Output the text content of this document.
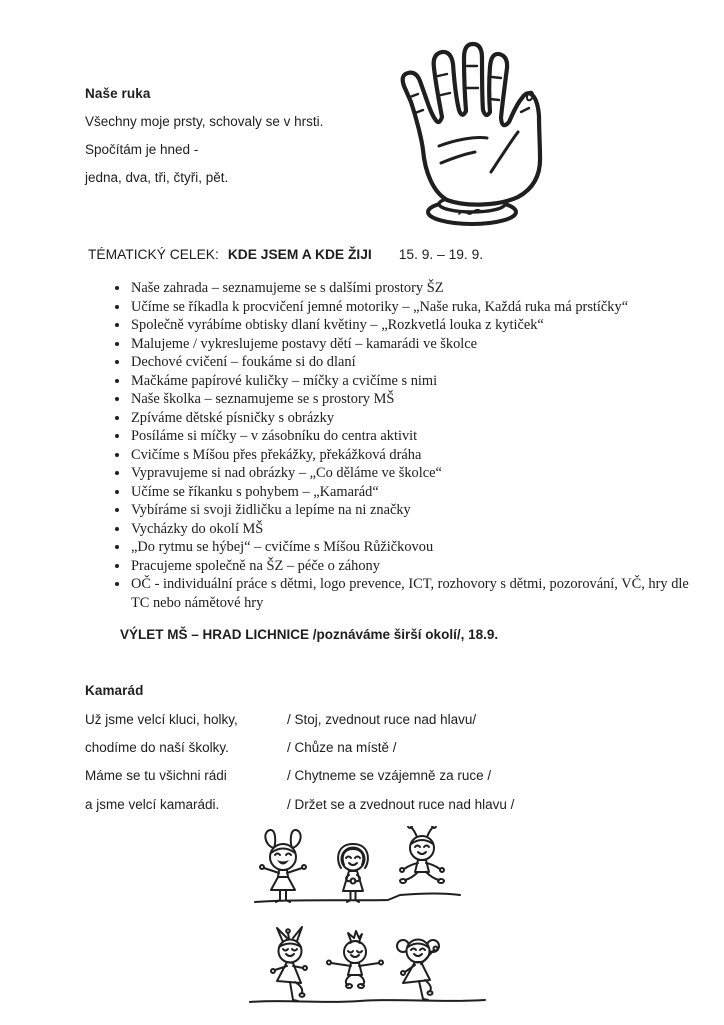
Naše ruka
Všechny moje prsty, schovaly se v hrsti.
Spočítám je hned -
jedna, dva, tři, čtyři, pět.
TÉMATICKÝ CELEK: KDE JSEM A KDE ŽIJI 15. 9. – 19. 9.
• Naše zahrada – seznamujeme se s dalšími prostory ŠZ
• Učíme se říkadla k procvičení jemné motoriky – „Naše ruka, Každá ruka má prstíčky“
• Společně vyrábíme obtisky dlaní květiny – „Rozkvetlá louka z kytiček“
• Malujeme / vykreslujeme postavy dětí – kamarádi ve školce
• Dechové cvičení – foukáme si do dlaní
• Mačkáme papírové kuličky – míčky a cvičíme s nimi
• Naše školka – seznamujeme se s prostory MŠ
• Zpíváme dětské písničky s obrázky
• Posíláme si míčky – v zásobníku do centra aktivit
• Cvičíme s Míšou přes překážky, překážková dráha
• Vypravujeme si nad obrázky – „Co děláme ve školce“
• Učíme se říkanku s pohybem – „Kamarád“
• Vybíráme si svoji židličku a lepíme na ni značky
• Vycházky do okolí MŠ
• „Do rytmu se hýbej“ – cvičíme s Míšou Růžičkovou
• Pracujeme společně na ŠZ – péče o záhony
• OČ - individuální práce s dětmi, logo prevence, ICT, rozhovory s dětmi, pozorování, VČ, hry dle TC nebo námětové hry
VÝLET MŠ – HRAD LICHNICE /poznáváme širší okolí/, 18.9.
Kamarád
Už jsme velcí kluci, holky,	/ Stoj, zvednout ruce nad hlavu/
chodíme do naší školky.	/ Chůze na místě /
Máme se tu všichni rádi	/ Chytneme se vzájemně za ruce /
a jsme velcí kamarádi.	/ Držet se a zvednout ruce nad hlavu /
